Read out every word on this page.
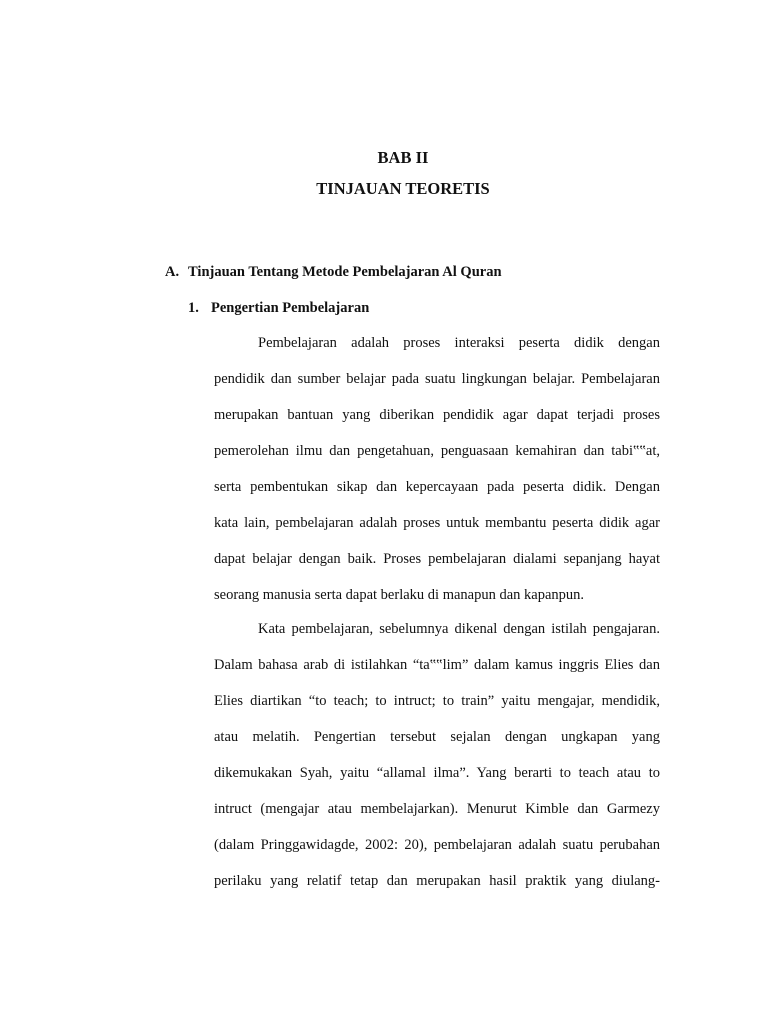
BAB II
TINJAUAN TEORETIS
A. Tinjauan Tentang Metode Pembelajaran Al Quran
1. Pengertian Pembelajaran
Pembelajaran adalah proses interaksi peserta didik dengan
pendidik dan sumber belajar pada suatu lingkungan belajar. Pembelajaran
merupakan bantuan yang diberikan pendidik agar dapat terjadi proses
pemerolehan ilmu dan pengetahuan, penguasaan kemahiran dan tabi‟‟at,
serta pembentukan sikap dan kepercayaan pada peserta didik. Dengan
kata lain, pembelajaran adalah proses untuk membantu peserta didik agar
dapat belajar dengan baik. Proses pembelajaran dialami sepanjang hayat
seorang manusia serta dapat berlaku di manapun dan kapanpun.
Kata pembelajaran, sebelumnya dikenal dengan istilah pengajaran.
Dalam bahasa arab di istilahkan “ta‟‟lim” dalam kamus inggris Elies dan
Elies diartikan “to teach; to intruct; to train” yaitu mengajar, mendidik,
atau melatih. Pengertian tersebut sejalan dengan ungkapan yang
dikemukakan Syah, yaitu “allamal ilma”. Yang berarti to teach atau to
intruct (mengajar atau membelajarkan). Menurut Kimble dan Garmezy
(dalam Pringgawidagde, 2002: 20), pembelajaran adalah suatu perubahan
perilaku yang relatif tetap dan merupakan hasil praktik yang diulang-
